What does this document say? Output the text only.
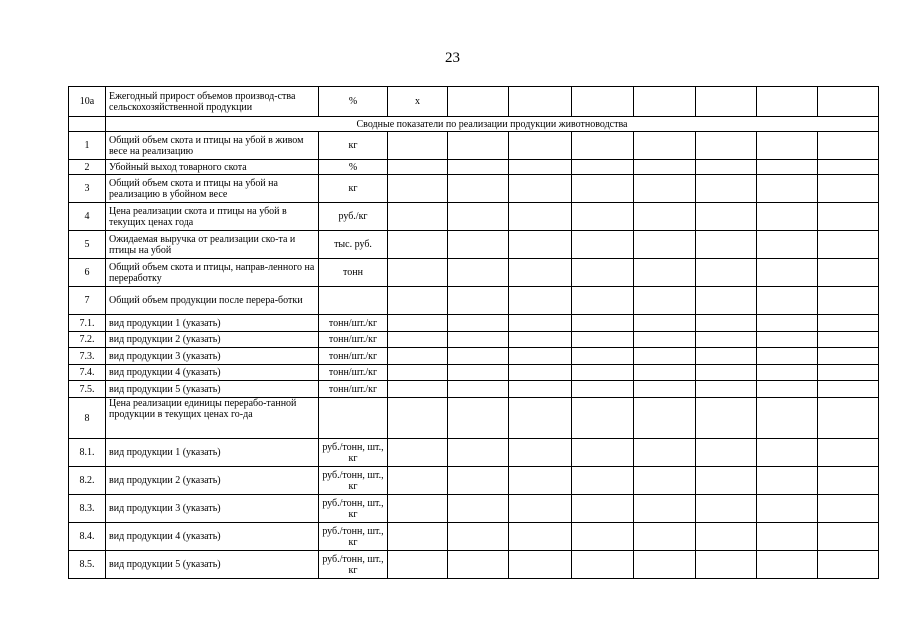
23
10а	Ежегодный прирост объемов производ-ства сельскохозяйственной продукции	%	х							
	Сводные показатели по реализации продукции животноводства									
1	Общий объем скота и птицы на убой в живом весе на реализацию	кг								
2	Убойный выход товарного скота	%								
3	Общий объем скота и птицы на убой на реализацию в убойном весе	кг								
4	Цена реализации скота и птицы на убой в текущих ценах года	руб./кг								
5	Ожидаемая выручка от реализации ско-та и птицы на убой	тыс. руб.								
6	Общий объем скота и птицы, направ-ленного на переработку	тонн								
7	Общий объем продукции после перера-ботки									
7.1.	вид продукции 1 (указать)	тонн/шт./кг								
7.2.	вид продукции 2 (указать)	тонн/шт./кг								
7.3.	вид продукции 3 (указать)	тонн/шт./кг								
7.4.	вид продукции 4 (указать)	тонн/шт./кг								
7.5.	вид продукции 5 (указать)	тонн/шт./кг								
8	Цена реализации единицы перерабо-танной продукции в текущих ценах го-да									
8.1.	вид продукции 1 (указать)	руб./тонн, шт., кг								
8.2.	вид продукции 2 (указать)	руб./тонн, шт., кг								
8.3.	вид продукции 3 (указать)	руб./тонн, шт., кг								
8.4.	вид продукции 4 (указать)	руб./тонн, шт., кг								
8.5.	вид продукции 5 (указать)	руб./тонн, шт., кг								
